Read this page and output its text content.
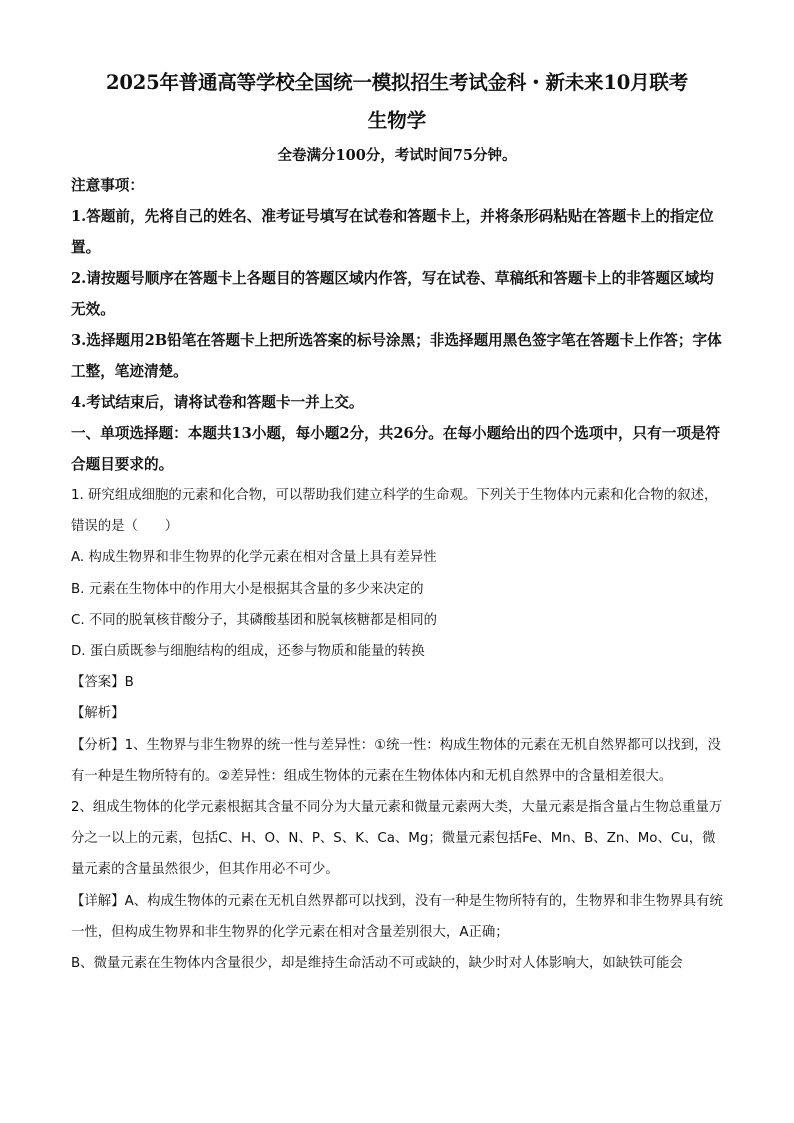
2025年普通高等学校全国统一模拟招生考试金科・新未来10月联考
生物学

全卷满分100分，考试时间75分钟。

注意事项：

1.答题前，先将自己的姓名、准考证号填写在试卷和答题卡上，并将条形码粘贴在答题卡上的指定位置。

2.请按题号顺序在答题卡上各题目的答题区域内作答，写在试卷、草稿纸和答题卡上的非答题区域均无效。

3.选择题用2B铅笔在答题卡上把所选答案的标号涂黑；非选择题用黑色签字笔在答题卡上作答；字体工整，笔迹清楚。

4.考试结束后，请将试卷和答题卡一并上交。

一、单项选择题：本题共13小题，每小题2分，共26分。在每小题给出的四个选项中，只有一项是符合题目要求的。

1. 研究组成细胞的元素和化合物，可以帮助我们建立科学的生命观。下列关于生物体内元素和化合物的叙述，错误的是（　　）

A. 构成生物界和非生物界的化学元素在相对含量上具有差异性

B. 元素在生物体中的作用大小是根据其含量的多少来决定的

C. 不同的脱氧核苷酸分子，其磷酸基团和脱氧核糖都是相同的

D. 蛋白质既参与细胞结构的组成，还参与物质和能量的转换

【答案】B

【解析】

【分析】1、生物界与非生物界的统一性与差异性：①统一性：构成生物体的元素在无机自然界都可以找到，没有一种是生物所特有的。②差异性：组成生物体的元素在生物体体内和无机自然界中的含量相差很大。

2、组成生物体的化学元素根据其含量不同分为大量元素和微量元素两大类，大量元素是指含量占生物总重量万分之一以上的元素，包括C、H、O、N、P、S、K、Ca、Mg；微量元素包括Fe、Mn、B、Zn、Mo、Cu，微量元素的含量虽然很少，但其作用必不可少。

【详解】A、构成生物体的元素在无机自然界都可以找到，没有一种是生物所特有的，生物界和非生物界具有统一性，但构成生物界和非生物界的化学元素在相对含量差别很大，A正确；

B、微量元素在生物体内含量很少，却是维持生命活动不可或缺的，缺少时对人体影响大，如缺铁可能会
